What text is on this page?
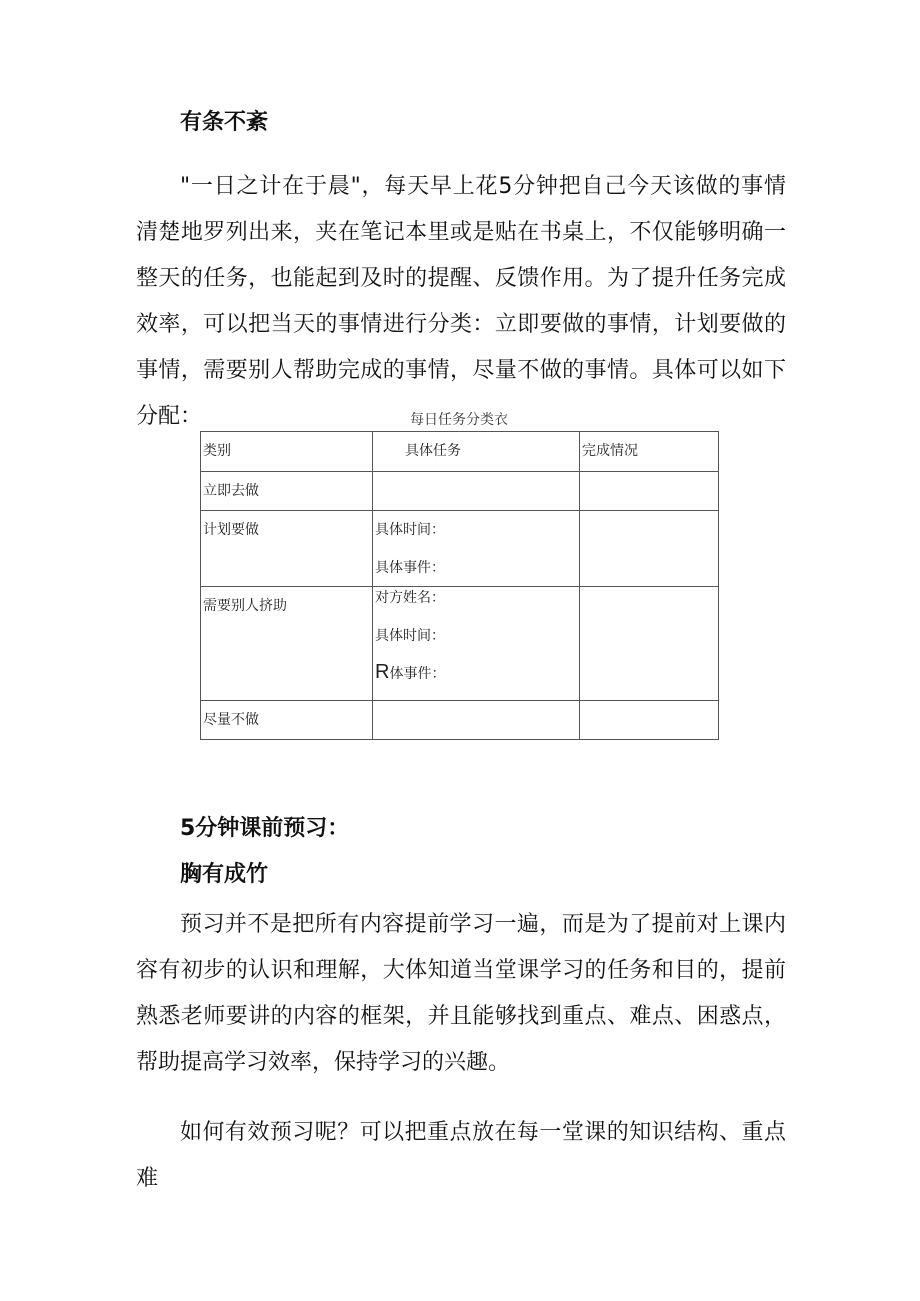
有条不紊

"一日之计在于晨"，每天早上花5分钟把自己今天该做的事情清楚地罗列出来，夹在笔记本里或是贴在书桌上，不仅能够明确一整天的任务，也能起到及时的提醒、反馈作用。为了提升任务完成效率，可以把当天的事情进行分类：立即要做的事情，计划要做的事情，需要别人帮助完成的事情，尽量不做的事情。具体可以如下分配：	每日任务分类衣
类别	具体任务	完成情况

立即去做		

计划要做	具体时间：
具体事件：	

需要别人挤助	对方姓名：
具体时间：
R体事件：	

尽量不做		

5分钟课前预习：
胸有成竹

预习并不是把所有内容提前学习一遍，而是为了提前对上课内容有初步的认识和理解，大体知道当堂课学习的任务和目的，提前熟悉老师要讲的内容的框架，并且能够找到重点、难点、困惑点，帮助提高学习效率，保持学习的兴趣。

如何有效预习呢？可以把重点放在每一堂课的知识结构、重点难
